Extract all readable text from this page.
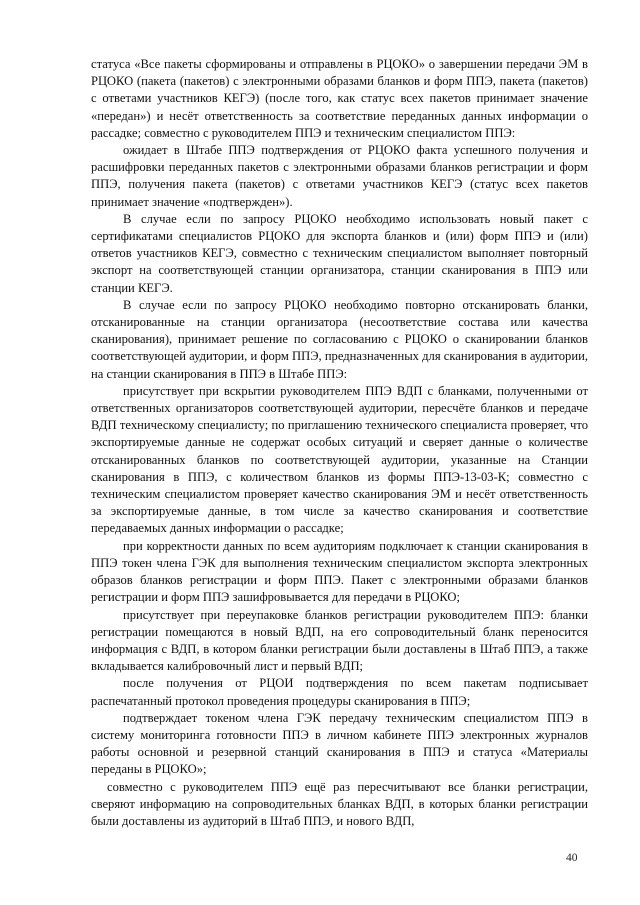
статуса «Все пакеты сформированы и отправлены в РЦОКО» о завершении передачи ЭМ в РЦОКО (пакета (пакетов) с электронными образами бланков и форм ППЭ, пакета (пакетов) с ответами участников КЕГЭ) (после того, как статус всех пакетов принимает значение «передан») и несёт ответственность за соответствие переданных данных информации о рассадке; совместно с руководителем ППЭ и техническим специалистом ППЭ:

ожидает в Штабе ППЭ подтверждения от РЦОКО факта успешного получения и расшифровки переданных пакетов с электронными образами бланков регистрации и форм ППЭ, получения пакета (пакетов) с ответами участников КЕГЭ (статус всех пакетов принимает значение «подтвержден»).

В случае если по запросу РЦОКО необходимо использовать новый пакет с сертификатами специалистов РЦОКО для экспорта бланков и (или) форм ППЭ и (или) ответов участников КЕГЭ, совместно с техническим специалистом выполняет повторный экспорт на соответствующей станции организатора, станции сканирования в ППЭ или станции КЕГЭ.

В случае если по запросу РЦОКО необходимо повторно отсканировать бланки, отсканированные на станции организатора (несоответствие состава или качества сканирования), принимает решение по согласованию с РЦОКО о сканировании бланков соответствующей аудитории, и форм ППЭ, предназначенных для сканирования в аудитории, на станции сканирования в ППЭ в Штабе ППЭ:

присутствует при вскрытии руководителем ППЭ ВДП с бланками, полученными от ответственных организаторов соответствующей аудитории, пересчёте бланков и передаче ВДП техническому специалисту; по приглашению технического специалиста проверяет, что экспортируемые данные не содержат особых ситуаций и сверяет данные о количестве отсканированных бланков по соответствующей аудитории, указанные на Станции сканирования в ППЭ, с количеством бланков из формы ППЭ-13-03-К; совместно с техническим специалистом проверяет качество сканирования ЭМ и несёт ответственность за экспортируемые данные, в том числе за качество сканирования и соответствие передаваемых данных информации о рассадке;

при корректности данных по всем аудиториям подключает к станции сканирования в ППЭ токен члена ГЭК для выполнения техническим специалистом экспорта электронных образов бланков регистрации и форм ППЭ. Пакет с электронными образами бланков регистрации и форм ППЭ зашифровывается для передачи в РЦОКО;

присутствует при переупаковке бланков регистрации руководителем ППЭ: бланки регистрации помещаются в новый ВДП, на его сопроводительный бланк переносится информация с ВДП, в котором бланки регистрации были доставлены в Штаб ППЭ, а также вкладывается калибровочный лист и первый ВДП;

после получения от РЦОИ подтверждения по всем пакетам подписывает распечатанный протокол проведения процедуры сканирования в ППЭ;

подтверждает токеном члена ГЭК передачу техническим специалистом ППЭ в систему мониторинга готовности ППЭ в личном кабинете ППЭ электронных журналов работы основной и резервной станций сканирования в ППЭ и статуса «Материалы переданы в РЦОКО»;

совместно с руководителем ППЭ ещё раз пересчитывают все бланки регистрации, сверяют информацию на сопроводительных бланках ВДП, в которых бланки регистрации были доставлены из аудиторий в Штаб ППЭ, и нового ВДП,

40
